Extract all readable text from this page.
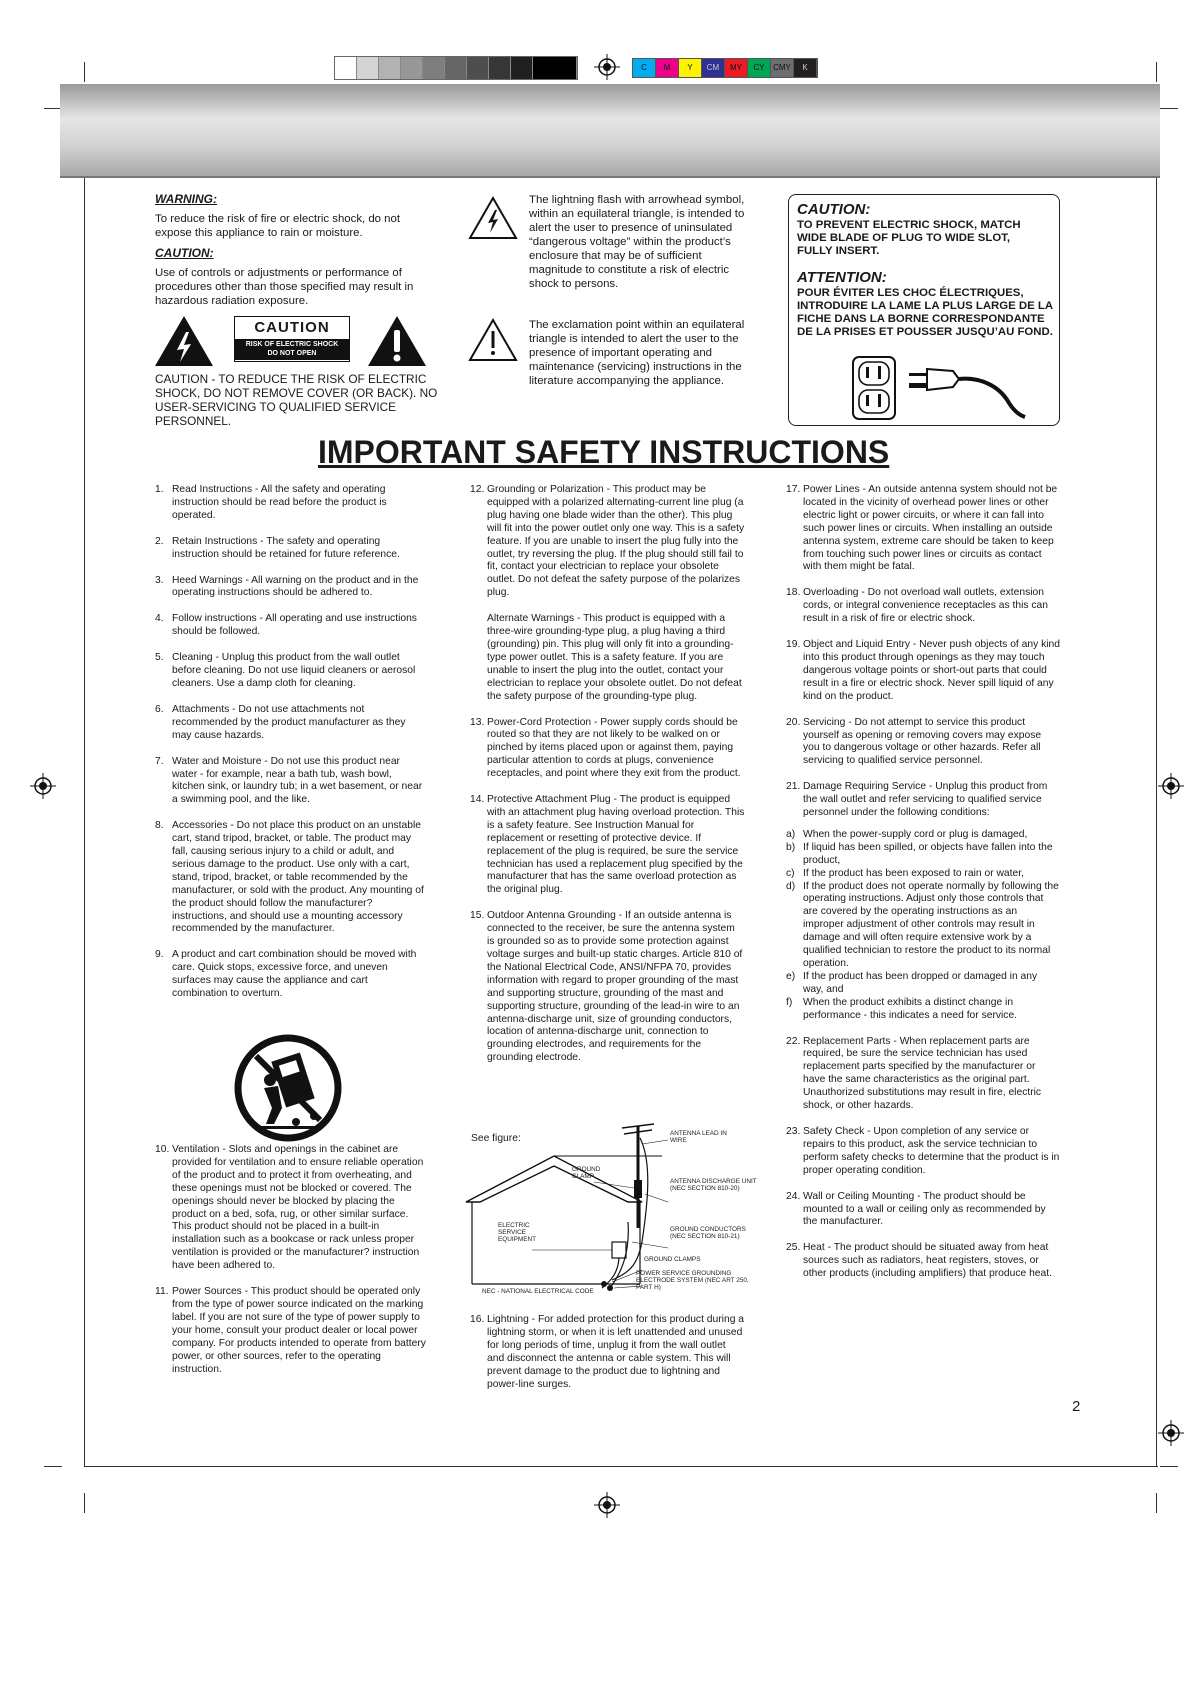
C	M	Y	CM	MY	CY	CMY	K
WARNING:
To reduce the risk of fire or electric shock, do not expose this appliance to rain or moisture.
CAUTION:
Use of controls or adjustments or performance of procedures other than those specified may result in hazardous radiation exposure.
CAUTION
RISK OF ELECTRIC SHOCK
DO NOT OPEN
CAUTION - TO REDUCE THE RISK OF ELECTRIC SHOCK, DO NOT REMOVE COVER (OR BACK). NO USER-SERVICING TO QUALIFIED SERVICE PERSONNEL.
The lightning flash with arrowhead symbol, within an equilateral triangle, is intended to alert the user to presence of uninsulated “dangerous voltage” within the product’s enclosure that may be of sufficient magnitude to constitute a risk of electric shock to persons.
The exclamation point within an equilateral triangle is intended to alert the user to the presence of important operating and maintenance (servicing) instructions in the literature accompanying the appliance.
CAUTION:
TO PREVENT ELECTRIC SHOCK, MATCH WIDE BLADE OF PLUG TO WIDE SLOT, FULLY INSERT.
ATTENTION:
POUR ÉVITER LES CHOC ÉLECTRIQUES, INTRODUIRE LA LAME LA PLUS LARGE DE LA FICHE DANS LA BORNE CORRESPONDANTE DE LA PRISES ET POUSSER JUSQU’AU FOND.
IMPORTANT SAFETY INSTRUCTIONS
1. Read Instructions - All the safety and operating instruction should be read before the product is operated.
2. Retain Instructions - The safety and operating instruction should be retained for future reference.
3. Heed Warnings - All warning on the product and in the operating instructions should be adhered to.
4. Follow instructions - All operating and use instructions should be followed.
5. Cleaning - Unplug this product from the wall outlet before cleaning. Do not use liquid cleaners or aerosol cleaners. Use a damp cloth for cleaning.
6. Attachments - Do not use attachments not recommended by the product manufacturer as they may cause hazards.
7. Water and Moisture - Do not use this product near water - for example, near a bath tub, wash bowl, kitchen sink, or laundry tub; in a wet basement, or near a swimming pool, and the like.
8. Accessories - Do not place this product on an unstable cart, stand tripod, bracket, or table. The product may fall, causing serious injury to a child or adult, and serious damage to the product. Use only with a cart, stand, tripod, bracket, or table recommended by the manufacturer, or sold with the product. Any mounting of the product should follow the manufacturer? instructions, and should use a mounting accessory recommended by the manufacturer.
9. A product and cart combination should be moved with care. Quick stops, excessive force, and uneven surfaces may cause the appliance and cart combination to overturn.
10. Ventilation - Slots and openings in the cabinet are provided for ventilation and to ensure reliable operation of the product and to protect it from overheating, and these openings must not be blocked or covered. The openings should never be blocked by placing the product on a bed, sofa, rug, or other similar surface. This product should not be placed in a built-in installation such as a bookcase or rack unless proper ventilation is provided or the manufacturer? instruction have been adhered to.
11. Power Sources - This product should be operated only from the type of power source indicated on the marking label. If you are not sure of the type of power supply to your home, consult your product dealer or local power company. For products intended to operate from battery power, or other sources, refer to the operating instruction.
12. Grounding or Polarization - This product may be equipped with a polarized alternating-current line plug (a plug having one blade wider than the other). This plug will fit into the power outlet only one way. This is a safety feature. If you are unable to insert the plug fully into the outlet, try reversing the plug. If the plug should still fail to fit, contact your electrician to replace your obsolete outlet. Do not defeat the safety purpose of the polarizes plug.
Alternate Warnings - This product is equipped with a three-wire grounding-type plug, a plug having a third (grounding) pin. This plug will only fit into a grounding-type power outlet. This is a safety feature. If you are unable to insert the plug into the outlet, contact your electrician to replace your obsolete outlet. Do not defeat the safety purpose of the grounding-type plug.
13. Power-Cord Protection - Power supply cords should be routed so that they are not likely to be walked on or pinched by items placed upon or against them, paying particular attention to cords at plugs, convenience receptacles, and point where they exit from the product.
14. Protective Attachment Plug - The product is equipped with an attachment plug having overload protection. This is a safety feature. See Instruction Manual for replacement or resetting of protective device. If replacement of the plug is required, be sure the service technician has used a replacement plug specified by the manufacturer that has the same overload protection as the original plug.
15. Outdoor Antenna Grounding - If an outside antenna is connected to the receiver, be sure the antenna system is grounded so as to provide some protection against voltage surges and built-up static charges. Article 810 of the National Electrical Code, ANSI/NFPA 70, provides information with regard to proper grounding of the mast and supporting structure, grounding of the mast and supporting structure, grounding of the lead-in wire to an antenna-discharge unit, size of grounding conductors, location of antenna-discharge unit, connection to grounding electrodes, and requirements for the grounding electrode.
See figure:	ANTENNA LEAD IN WIRE
GROUND CLAMP
ANTENNA DISCHARGE UNIT (NEC SECTION 810-20)
ELECTRIC SERVICE EQUIPMENT
GROUND CONDUCTORS (NEC SECTION 810-21)
GROUND CLAMPS
POWER SERVICE GROUNDING ELECTRODE SYSTEM (NEC ART 250, PART H)
NEC - NATIONAL ELECTRICAL CODE
16. Lightning - For added protection for this product during a lightning storm, or when it is left unattended and unused for long periods of time, unplug it from the wall outlet and disconnect the antenna or cable system. This will prevent damage to the product due to lightning and power-line surges.
17. Power Lines - An outside antenna system should not be located in the vicinity of overhead power lines or other electric light or power circuits, or where it can fall into such power lines or circuits. When installing an outside antenna system, extreme care should be taken to keep from touching such power lines or circuits as contact with them might be fatal.
18. Overloading - Do not overload wall outlets, extension cords, or integral convenience receptacles as this can result in a risk of fire or electric shock.
19. Object and Liquid Entry - Never push objects of any kind into this product through openings as they may touch dangerous voltage points or short-out parts that could result in a fire or electric shock. Never spill liquid of any kind on the product.
20. Servicing - Do not attempt to service this product yourself as opening or removing covers may expose you to dangerous voltage or other hazards. Refer all servicing to qualified service personnel.
21. Damage Requiring Service - Unplug this product from the wall outlet and refer servicing to qualified service personnel under the following conditions:
a) When the power-supply cord or plug is damaged,
b) If liquid has been spilled, or objects have fallen into the product,
c) If the product has been exposed to rain or water,
d) If the product does not operate normally by following the operating instructions. Adjust only those controls that are covered by the operating instructions as an improper adjustment of other controls may result in damage and will often require extensive work by a qualified technician to restore the product to its normal operation.
e) If the product has been dropped or damaged in any way, and
f) When the product exhibits a distinct change in performance - this indicates a need for service.
22. Replacement Parts - When replacement parts are required, be sure the service technician has used replacement parts specified by the manufacturer or have the same characteristics as the original part. Unauthorized substitutions may result in fire, electric shock, or other hazards.
23. Safety Check - Upon completion of any service or repairs to this product, ask the service technician to perform safety checks to determine that the product is in proper operating condition.
24. Wall or Ceiling Mounting - The product should be mounted to a wall or ceiling only as recommended by the manufacturer.
25. Heat - The product should be situated away from heat sources such as radiators, heat registers, stoves, or other products (including amplifiers) that produce heat.
2
